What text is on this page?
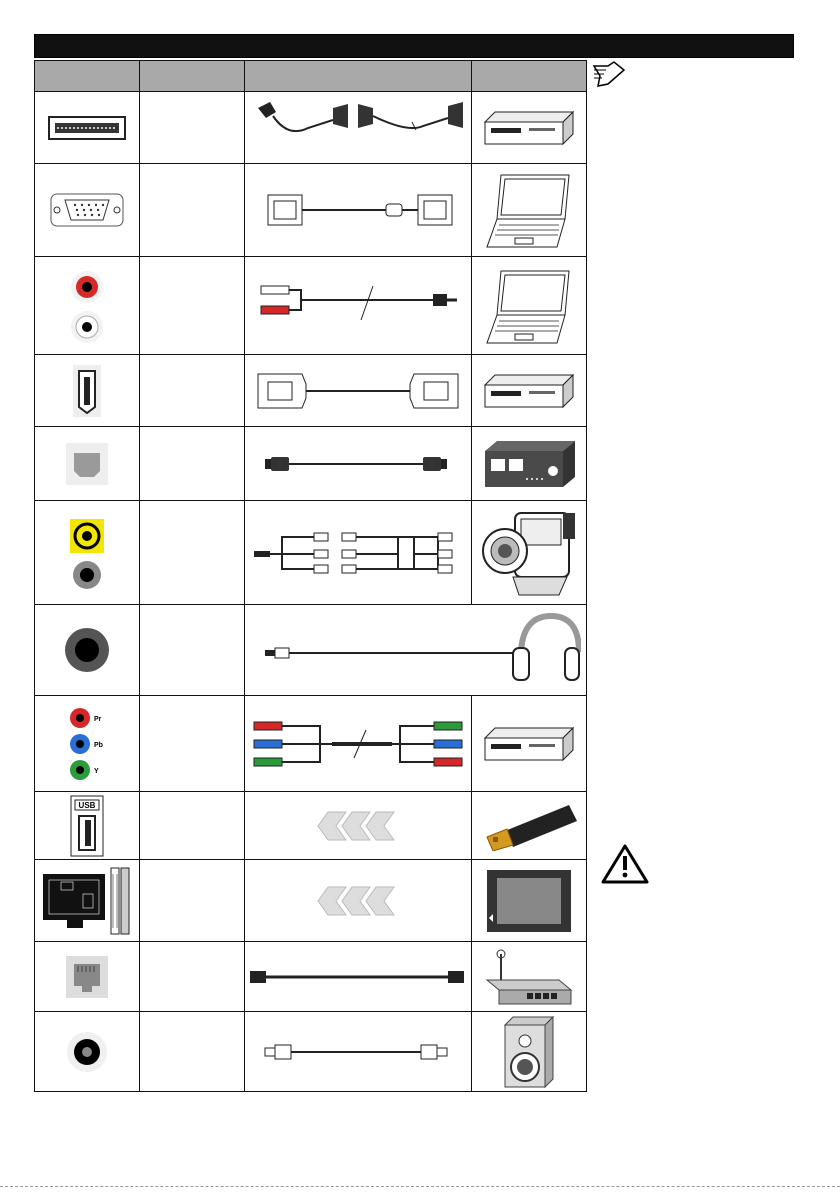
Pr
Pb
Y

USB
